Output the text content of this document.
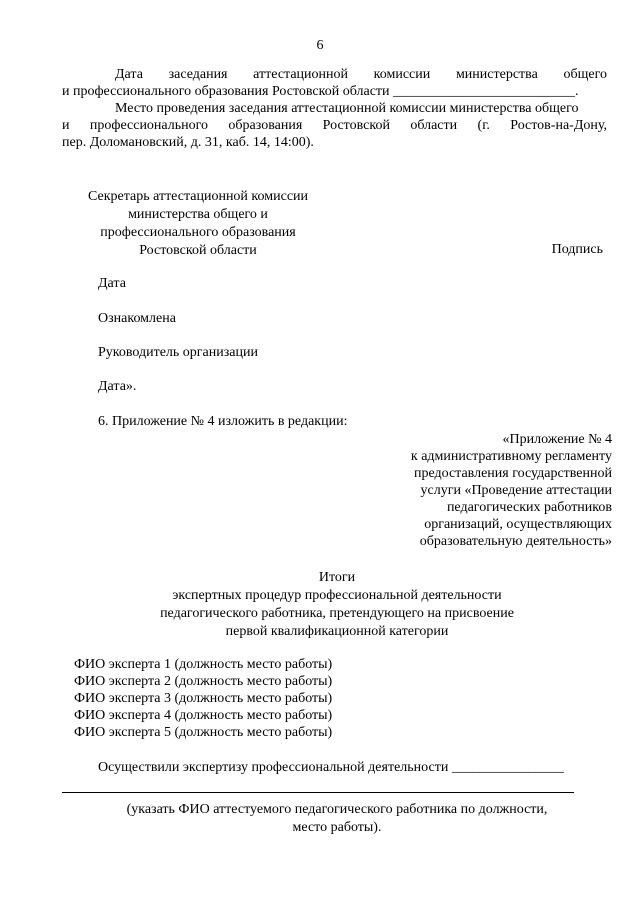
6
Дата заседания аттестационной комиссии министерства общего
и профессионального образования Ростовской области __________________________.
Место проведения заседания аттестационной комиссии министерства общего
и профессионального образования Ростовской области (г. Ростов-на-Дону,
пер. Доломановский, д. 31, каб. 14, 14:00).
Секретарь аттестационной комиссии
министерства общего и
профессионального образования
Ростовской области	Подпись
Дата
Ознакомлена
Руководитель организации
Дата».
6. Приложение № 4 изложить в редакции:
«Приложение № 4
к административному регламенту
предоставления государственной
услуги «Проведение аттестации
педагогических работников
организаций, осуществляющих
образовательную деятельность»
Итоги
экспертных процедур профессиональной деятельности
педагогического работника, претендующего на присвоение
первой квалификационной категории
ФИО эксперта 1 (должность место работы)
ФИО эксперта 2 (должность место работы)
ФИО эксперта 3 (должность место работы)
ФИО эксперта 4 (должность место работы)
ФИО эксперта 5 (должность место работы)
Осуществили экспертизу профессиональной деятельности ________________
(указать ФИО аттестуемого педагогического работника по должности,
место работы).
